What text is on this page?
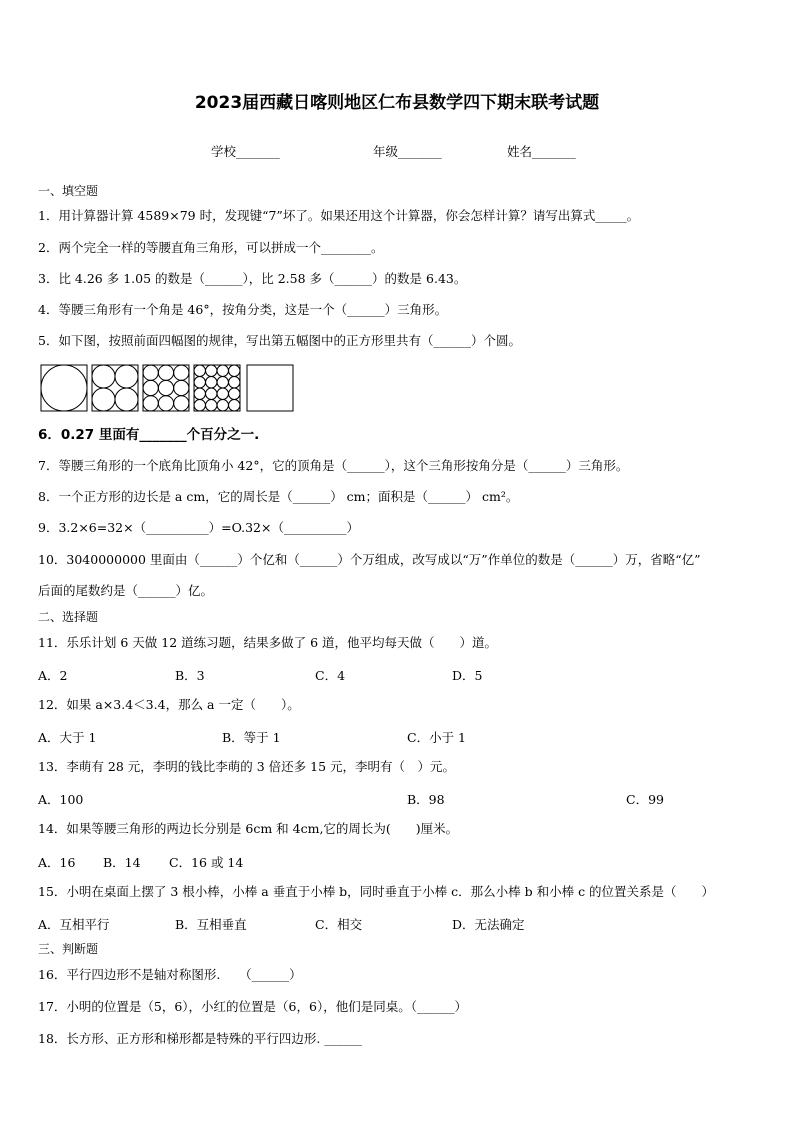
2023届西藏日喀则地区仁布县数学四下期末联考试题
学校_______	年级_______	姓名_______
一、填空题
1．用计算器计算 4589×79 时，发现键“7”坏了。如果还用这个计算器，你会怎样计算？请写出算式_____。
2．两个完全一样的等腰直角三角形，可以拼成一个________。
3．比 4.26 多 1.05 的数是（______），比 2.58 多（______）的数是 6.43。
4．等腰三角形有一个角是 46°，按角分类，这是一个（______）三角形。
5．如下图，按照前面四幅图的规律，写出第五幅图中的正方形里共有（______）个圆。
6．0.27 里面有_______个百分之一.
7．等腰三角形的一个底角比顶角小 42°，它的顶角是（______），这个三角形按角分是（______）三角形。
8．一个正方形的边长是 a cm，它的周长是（______） cm；面积是（______） cm²。
9．3.2×6=32×（__________）=O.32×（__________）
10．3040000000 里面由（______）个亿和（______）个万组成，改写成以“万”作单位的数是（______）万，省略“亿”
后面的尾数约是（______）亿。
二、选择题
11．乐乐计划 6 天做 12 道练习题，结果多做了 6 道，他平均每天做（　　）道。
A．2	B．3	C．4	D．5
12．如果 a×3.4＜3.4，那么 a 一定（　　）。
A．大于 1	B．等于 1	C．小于 1
13．李萌有 28 元，李明的钱比李萌的 3 倍还多 15 元，李明有（　）元。
A．100	B．98	C．99
14．如果等腰三角形的两边长分别是 6cm 和 4cm,它的周长为(　　)厘米。
A．16 B．14 C．16 或 14
15．小明在桌面上摆了 3 根小棒，小棒 a 垂直于小棒 b，同时垂直于小棒 c．那么小棒 b 和小棒 c 的位置关系是（　　）
A．互相平行	B．互相垂直	C．相交	D．无法确定
三、判断题
16．平行四边形不是轴对称图形.　　（______）
17．小明的位置是（5，6），小红的位置是（6，6），他们是同桌。（______）
18．长方形、正方形和梯形都是特殊的平行四边形. ______
